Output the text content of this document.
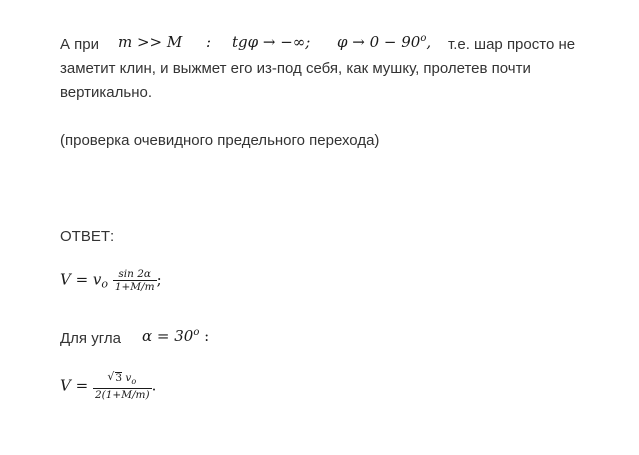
А при m >> M : tgφ → −∞; $\varphi \to 0 - 90^o$, т.е. шар просто не
заметит клин, и выжмет его из-под себя, как мушку, пролетев почти
вертикально.
(проверка очевидного предельного перехода)
ОТВЕТ:
$V = v_o \frac{\sin 2\alpha}{1+M/m}$ ;
Для угла $\alpha = 30^o$ :
V =
√ $\frac{3 v_o}{2(1+M/m)}$ .
